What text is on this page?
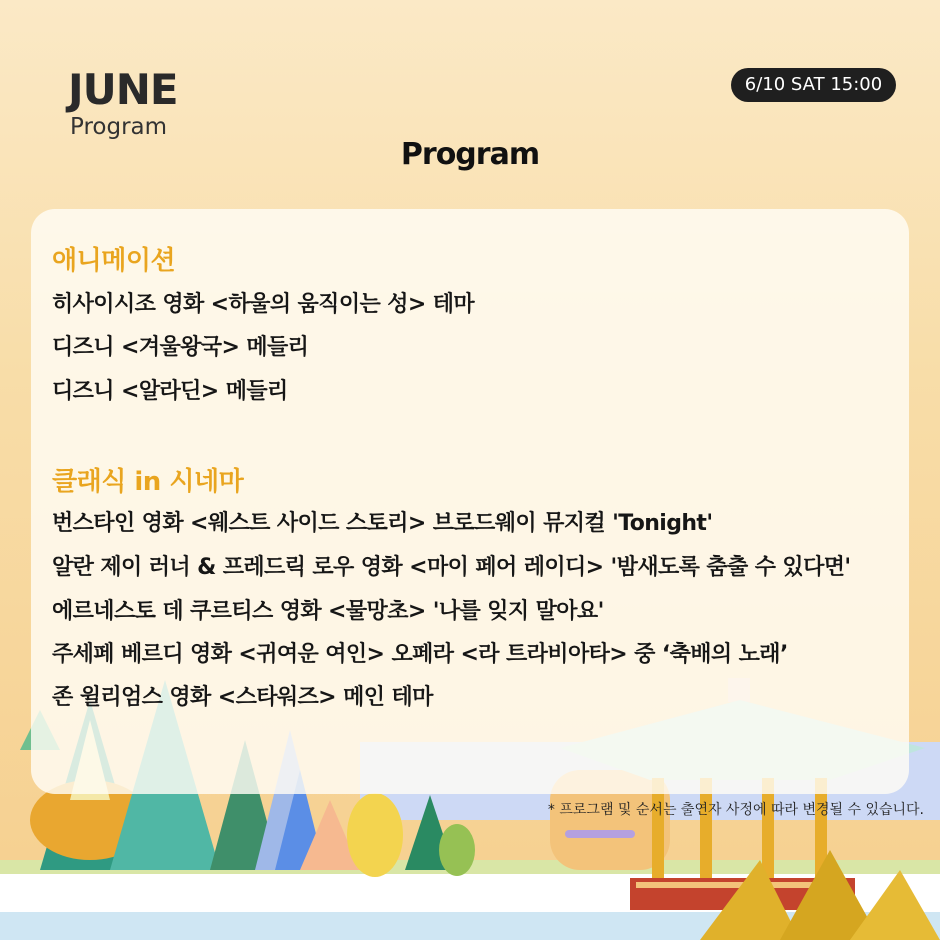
JUNE
Program
6/10 SAT 15:00
Program
애니메이션
히사이시조 영화 <하울의 움직이는 성> 테마
디즈니 <겨울왕국> 메들리
디즈니 <알라딘> 메들리
클래식 in 시네마
번스타인 영화 <웨스트 사이드 스토리> 브로드웨이 뮤지컬 'Tonight'
알란 제이 러너 & 프레드릭 로우 영화 <마이 페어 레이디> '밤새도록 춤출 수 있다면'
에르네스토 데 쿠르티스 영화 <물망초> '나를 잊지 말아요'
주세페 베르디 영화 <귀여운 여인> 오페라 <라 트라비아타> 중 ‘축배의 노래’
존 윌리엄스 영화 <스타워즈> 메인 테마
* 프로그램 및 순서는 출연자 사정에 따라 변경될 수 있습니다.
